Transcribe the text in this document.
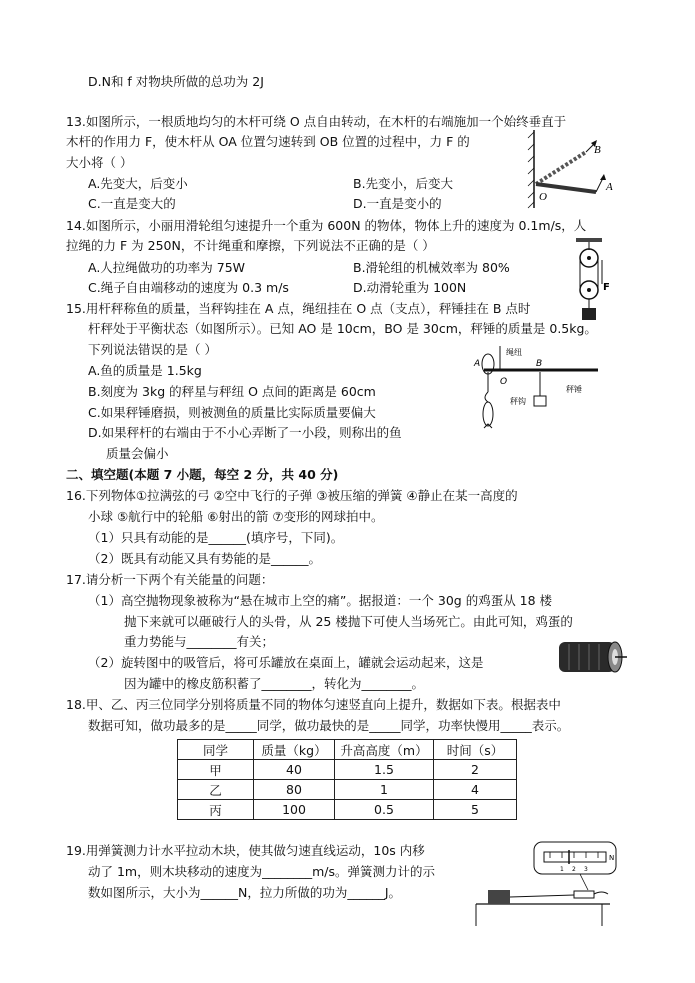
D.N和 f 对物块所做的总功为 2J
13.如图所示，一根质地均匀的木杆可绕 O 点自由转动，在木杆的右端施加一个始终垂直于
木杆的作用力 F，使木杆从 OA 位置匀速转到 OB 位置的过程中，力 F 的
大小将（ ）
A.先变大，后变小	B.先变小，后变大
C.一直是变大的	D.一直是变小的
B
O
A
14.如图所示，小丽用滑轮组匀速提升一个重为 600N 的物体，物体上升的速度为 0.1m/s，人
拉绳的力 F 为 250N，不计绳重和摩擦，下列说法不正确的是（ ）
A.人拉绳做功的功率为 75W	B.滑轮组的机械效率为 80%
C.绳子自由端移动的速度为 0.3 m/s	D.动滑轮重为 100N	F
15.用杆秤称鱼的质量，当秤钩挂在 A 点，绳纽挂在 O 点（支点），秤锤挂在 B 点时
杆秤处于平衡状态（如图所示）。已知 AO 是 10cm，BO 是 30cm，秤锤的质量是 0.5kg。
下列说法错误的是（ ）
A.鱼的质量是 1.5kg
B.刻度为 3kg 的秤星与秤纽 O 点间的距离是 60cm
C.如果秤锤磨损，则被测鱼的质量比实际质量要偏大
D.如果秤杆的右端由于不小心弄断了一小段，则称出的鱼
质量会偏小
绳纽
A	B
O
秤钩
秤锤
二、填空题(本题 7 小题，每空 2 分，共 40 分)
16.下列物体①拉满弦的弓 ②空中飞行的子弹 ③被压缩的弹簧 ④静止在某一高度的
小球 ⑤航行中的轮船 ⑥射出的箭 ⑦变形的网球拍中。
（1）只具有动能的是______(填序号，下同)。
（2）既具有动能又具有势能的是______。
17.请分析一下两个有关能量的问题：
（1）高空抛物现象被称为“悬在城市上空的痛”。据报道：一个 30g 的鸡蛋从 18 楼
抛下来就可以砸破行人的头骨，从 25 楼抛下可使人当场死亡。由此可知，鸡蛋的
重力势能与________有关；
（2）旋转图中的吸管后，将可乐罐放在桌面上，罐就会运动起来，这是
因为罐中的橡皮筋积蓄了________，转化为________。
18.甲、乙、丙三位同学分别将质量不同的物体匀速竖直向上提升，数据如下表。根据表中
数据可知，做功最多的是_____同学，做功最快的是_____同学，功率快慢用_____表示。
同学	质量（kg）	升高高度（m）	时间（s）
甲	40	1.5	2
乙	80	1	4
丙	100	0.5	5
19.用弹簧测力计水平拉动木块，使其做匀速直线运动，10s 内移
动了 1m，则木块移动的速度为________m/s。弹簧测力计的示
数如图所示，大小为______N，拉力所做的功为______J。
1 2 3
N
